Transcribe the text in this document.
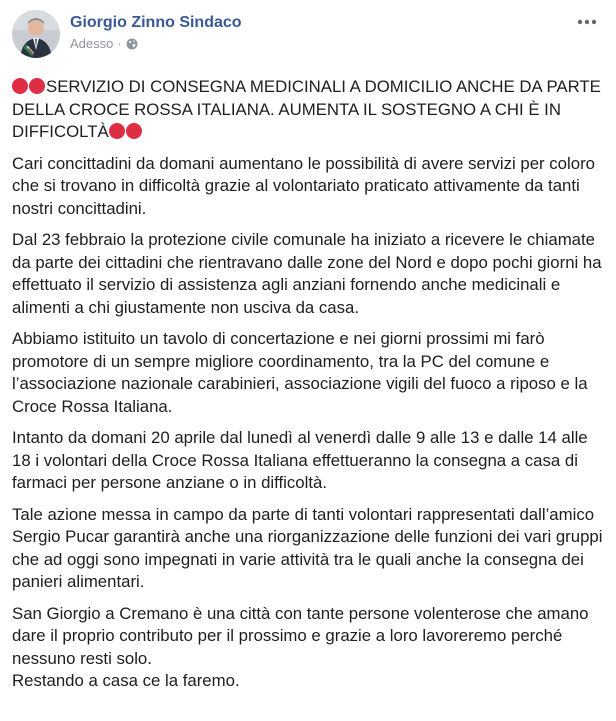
Giorgio Zinno Sindaco
Adesso ·

SERVIZIO DI CONSEGNA MEDICINALI A DOMICILIO ANCHE DA PARTE DELLA CROCE ROSSA ITALIANA. AUMENTA IL SOSTEGNO A CHI È IN DIFFICOLTÀ

Cari concittadini da domani aumentano le possibilità di avere servizi per coloro che si trovano in difficoltà grazie al volontariato praticato attivamente da tanti nostri concittadini.

Dal 23 febbraio la protezione civile comunale ha iniziato a ricevere le chiamate da parte dei cittadini che rientravano dalle zone del Nord e dopo pochi giorni ha effettuato il servizio di assistenza agli anziani fornendo anche medicinali e alimenti a chi giustamente non usciva da casa.

Abbiamo istituito un tavolo di concertazione e nei giorni prossimi mi farò promotore di un sempre migliore coordinamento, tra la PC del comune e l’associazione nazionale carabinieri, associazione vigili del fuoco a riposo e la Croce Rossa Italiana.

Intanto da domani 20 aprile dal lunedì al venerdì dalle 9 alle 13 e dalle 14 alle 18 i volontari della Croce Rossa Italiana effettueranno la consegna a casa di farmaci per persone anziane o in difficoltà.

Tale azione messa in campo da parte di tanti volontari rappresentati dall’amico Sergio Pucar garantirà anche una riorganizzazione delle funzioni dei vari gruppi che ad oggi sono impegnati in varie attività tra le quali anche la consegna dei panieri alimentari.

San Giorgio a Cremano è una città con tante persone volenterose che amano dare il proprio contributo per il prossimo e grazie a loro lavoreremo perché nessuno resti solo.
Restando a casa ce la faremo.
